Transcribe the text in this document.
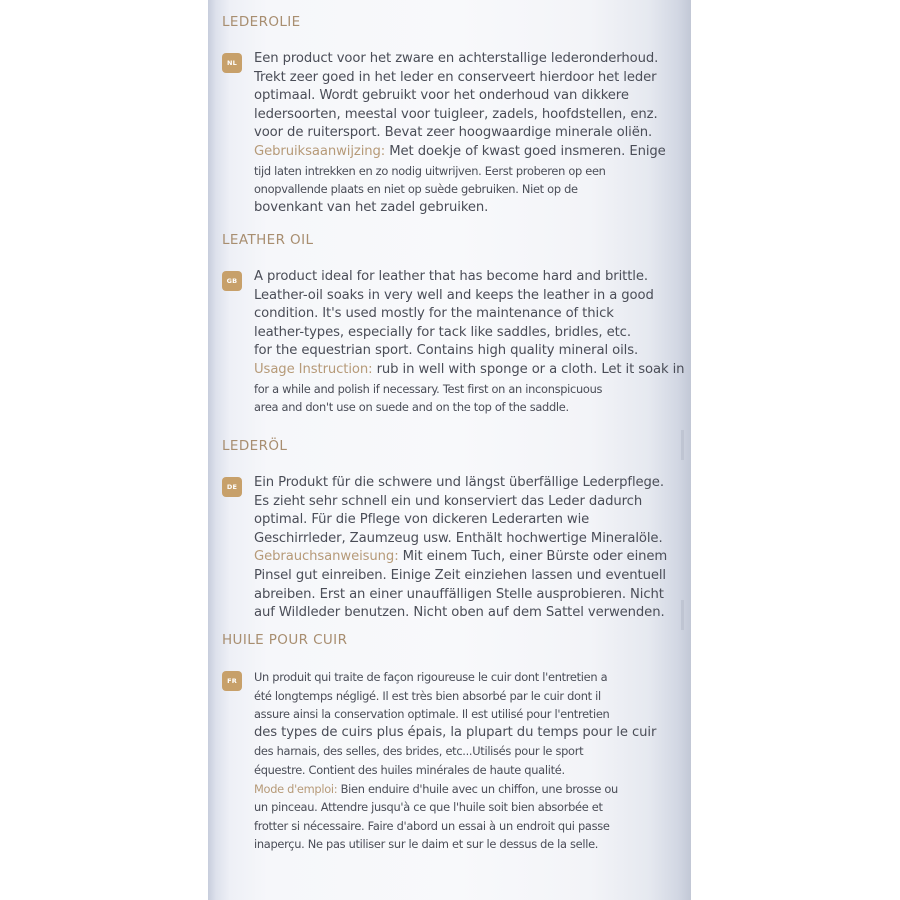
LEDEROLIE
NL	Een product voor het zware en achterstallige lederonderhoud.
Trekt zeer goed in het leder en conserveert hierdoor het leder
optimaal. Wordt gebruikt voor het onderhoud van dikkere
ledersoorten, meestal voor tuigleer, zadels, hoofdstellen, enz.
voor de ruitersport. Bevat zeer hoogwaardige minerale oliën.
Gebruiksaanwijzing: Met doekje of kwast goed insmeren. Enige
tijd laten intrekken en zo nodig uitwrijven. Eerst proberen op een
onopvallende plaats en niet op suède gebruiken. Niet op de
bovenkant van het zadel gebruiken.
LEATHER OIL
GB	A product ideal for leather that has become hard and brittle.
Leather-oil soaks in very well and keeps the leather in a good
condition. It's used mostly for the maintenance of thick
leather-types, especially for tack like saddles, bridles, etc.
for the equestrian sport. Contains high quality mineral oils.
Usage Instruction: rub in well with sponge or a cloth. Let it soak in
for a while and polish if necessary. Test first on an inconspicuous
area and don't use on suede and on the top of the saddle.
LEDERÖL
DE	Ein Produkt für die schwere und längst überfällige Lederpflege.
Es zieht sehr schnell ein und konserviert das Leder dadurch
optimal. Für die Pflege von dickeren Lederarten wie
Geschirrleder, Zaumzeug usw. Enthält hochwertige Mineralöle.
Gebrauchsanweisung: Mit einem Tuch, einer Bürste oder einem
Pinsel gut einreiben. Einige Zeit einziehen lassen und eventuell
abreiben. Erst an einer unauffälligen Stelle ausprobieren. Nicht
auf Wildleder benutzen. Nicht oben auf dem Sattel verwenden.
HUILE POUR CUIR
FR	Un produit qui traite de façon rigoureuse le cuir dont l'entretien a
été longtemps négligé. Il est très bien absorbé par le cuir dont il
assure ainsi la conservation optimale. Il est utilisé pour l'entretien
des types de cuirs plus épais, la plupart du temps pour le cuir
des harnais, des selles, des brides, etc...Utilisés pour le sport
équestre. Contient des huiles minérales de haute qualité.
Mode d'emploi: Bien enduire d'huile avec un chiffon, une brosse ou
un pinceau. Attendre jusqu'à ce que l'huile soit bien absorbée et
frotter si nécessaire. Faire d'abord un essai à un endroit qui passe
inaperçu. Ne pas utiliser sur le daim et sur le dessus de la selle.
